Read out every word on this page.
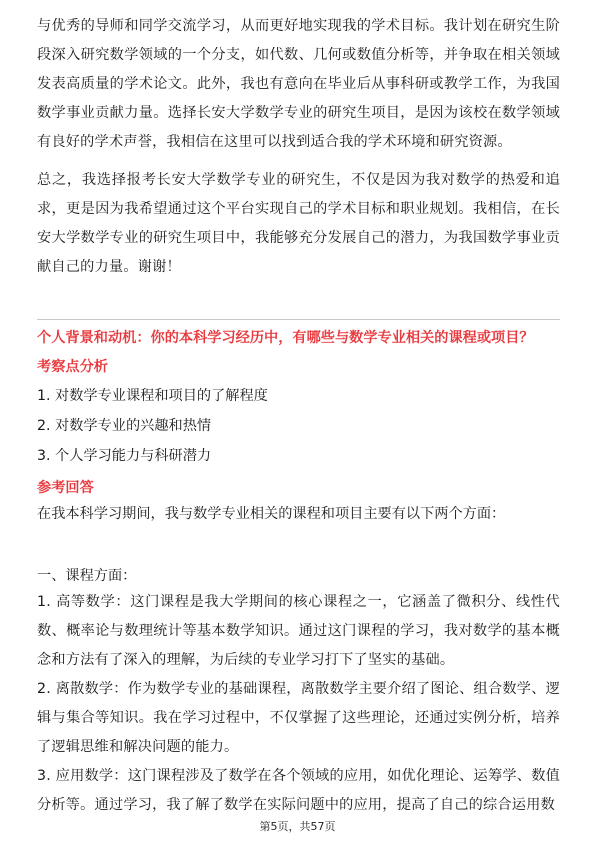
与优秀的导师和同学交流学习，从而更好地实现我的学术目标。我计划在研究生阶段深入研究数学领域的一个分支，如代数、几何或数值分析等，并争取在相关领域发表高质量的学术论文。此外，我也有意向在毕业后从事科研或教学工作，为我国数学事业贡献力量。选择长安大学数学专业的研究生项目，是因为该校在数学领域有良好的学术声誉，我相信在这里可以找到适合我的学术环境和研究资源。

总之，我选择报考长安大学数学专业的研究生，不仅是因为我对数学的热爱和追求，更是因为我希望通过这个平台实现自己的学术目标和职业规划。我相信，在长安大学数学专业的研究生项目中，我能够充分发展自己的潜力，为我国数学事业贡献自己的力量。谢谢！

个人背景和动机：你的本科学习经历中，有哪些与数学专业相关的课程或项目？
考察点分析
1. 对数学专业课程和项目的了解程度
2. 对数学专业的兴趣和热情
3. 个人学习能力与科研潜力
参考回答
在我本科学习期间，我与数学专业相关的课程和项目主要有以下两个方面：
一、课程方面：

1. 高等数学：这门课程是我大学期间的核心课程之一，它涵盖了微积分、线性代数、概率论与数理统计等基本数学知识。通过这门课程的学习，我对数学的基本概念和方法有了深入的理解，为后续的专业学习打下了坚实的基础。

2. 离散数学：作为数学专业的基础课程，离散数学主要介绍了图论、组合数学、逻辑与集合等知识。我在学习过程中，不仅掌握了这些理论，还通过实例分析，培养了逻辑思维和解决问题的能力。

3. 应用数学：这门课程涉及了数学在各个领域的应用，如优化理论、运筹学、数值分析等。通过学习，我了解了数学在实际问题中的应用，提高了自己的综合运用数

第5页，共57页
